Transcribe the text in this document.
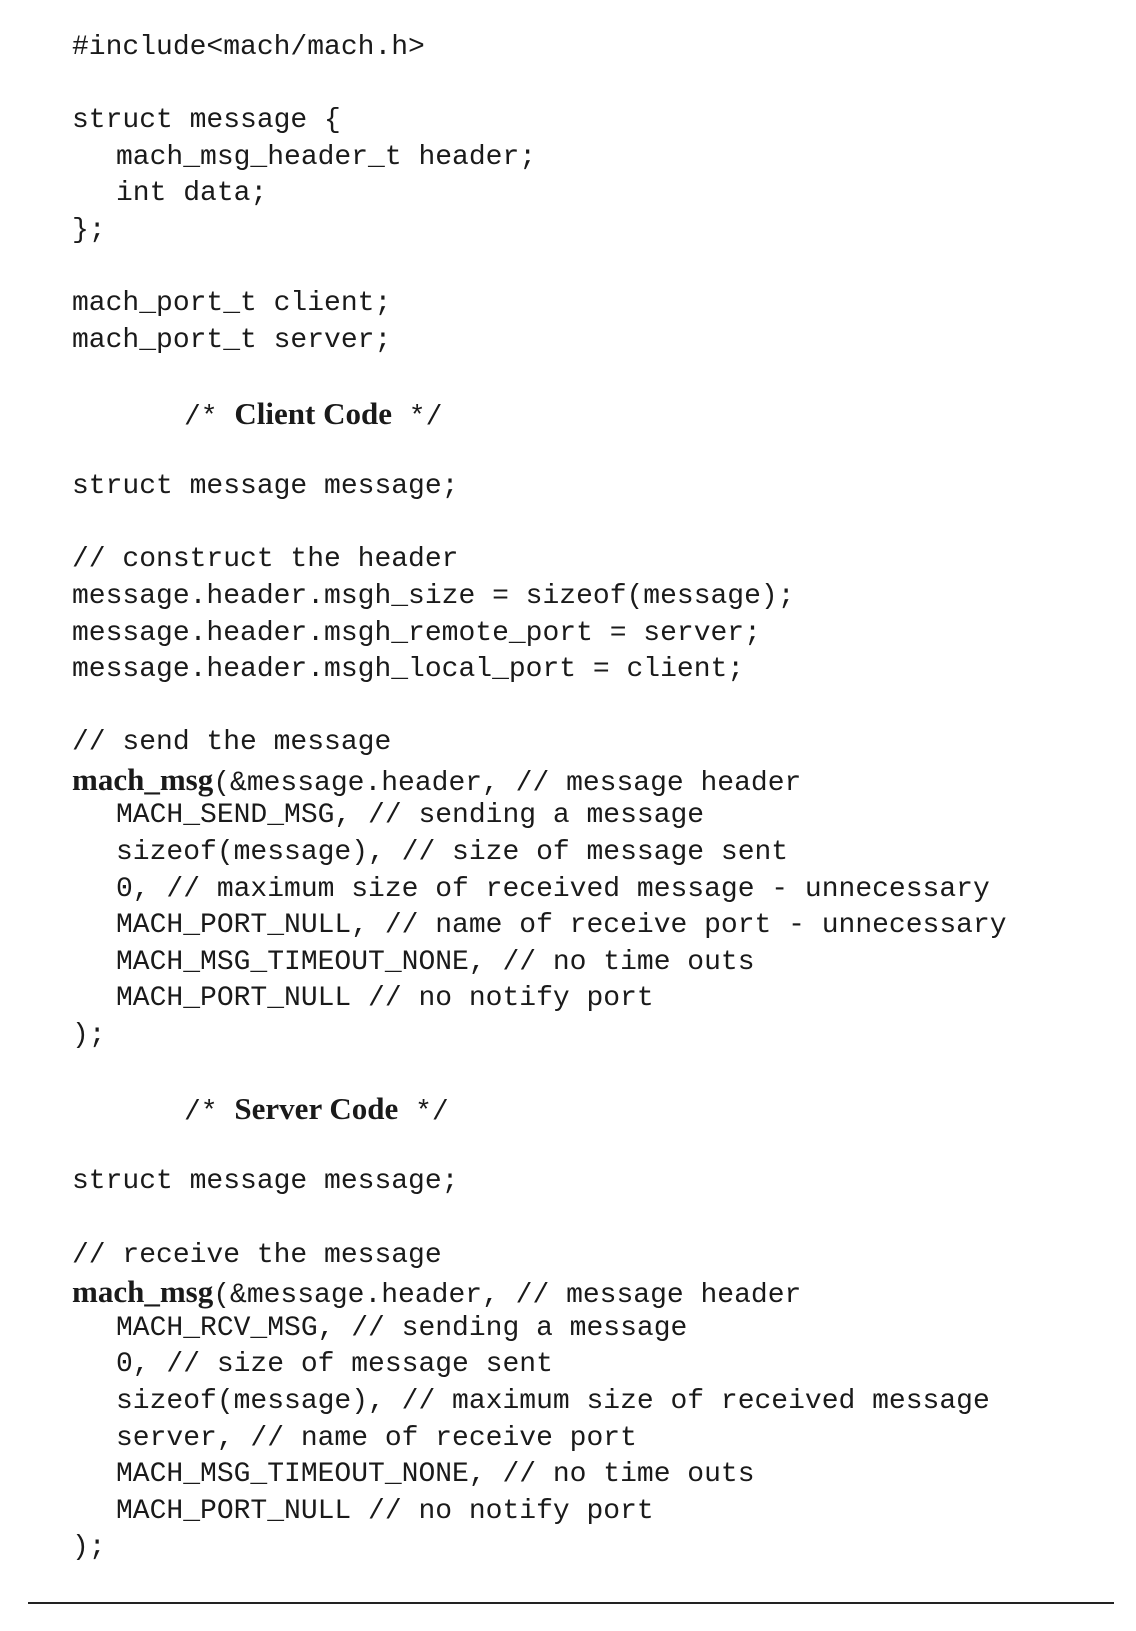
#include<mach/mach.h>
struct message {
mach_msg_header_t header;
int data;
};
mach_port_t client;
mach_port_t server;
/* Client Code */
struct message message;
// construct the header
message.header.msgh_size = sizeof(message);
message.header.msgh_remote_port = server;
message.header.msgh_local_port = client;
// send the message
mach_msg(&message.header, // message header
MACH_SEND_MSG, // sending a message
sizeof(message), // size of message sent
0, // maximum size of received message - unnecessary
MACH_PORT_NULL, // name of receive port - unnecessary
MACH_MSG_TIMEOUT_NONE, // no time outs
MACH_PORT_NULL // no notify port
);
/* Server Code */
struct message message;
// receive the message
mach_msg(&message.header, // message header
MACH_RCV_MSG, // sending a message
0, // size of message sent
sizeof(message), // maximum size of received message
server, // name of receive port
MACH_MSG_TIMEOUT_NONE, // no time outs
MACH_PORT_NULL // no notify port
);
